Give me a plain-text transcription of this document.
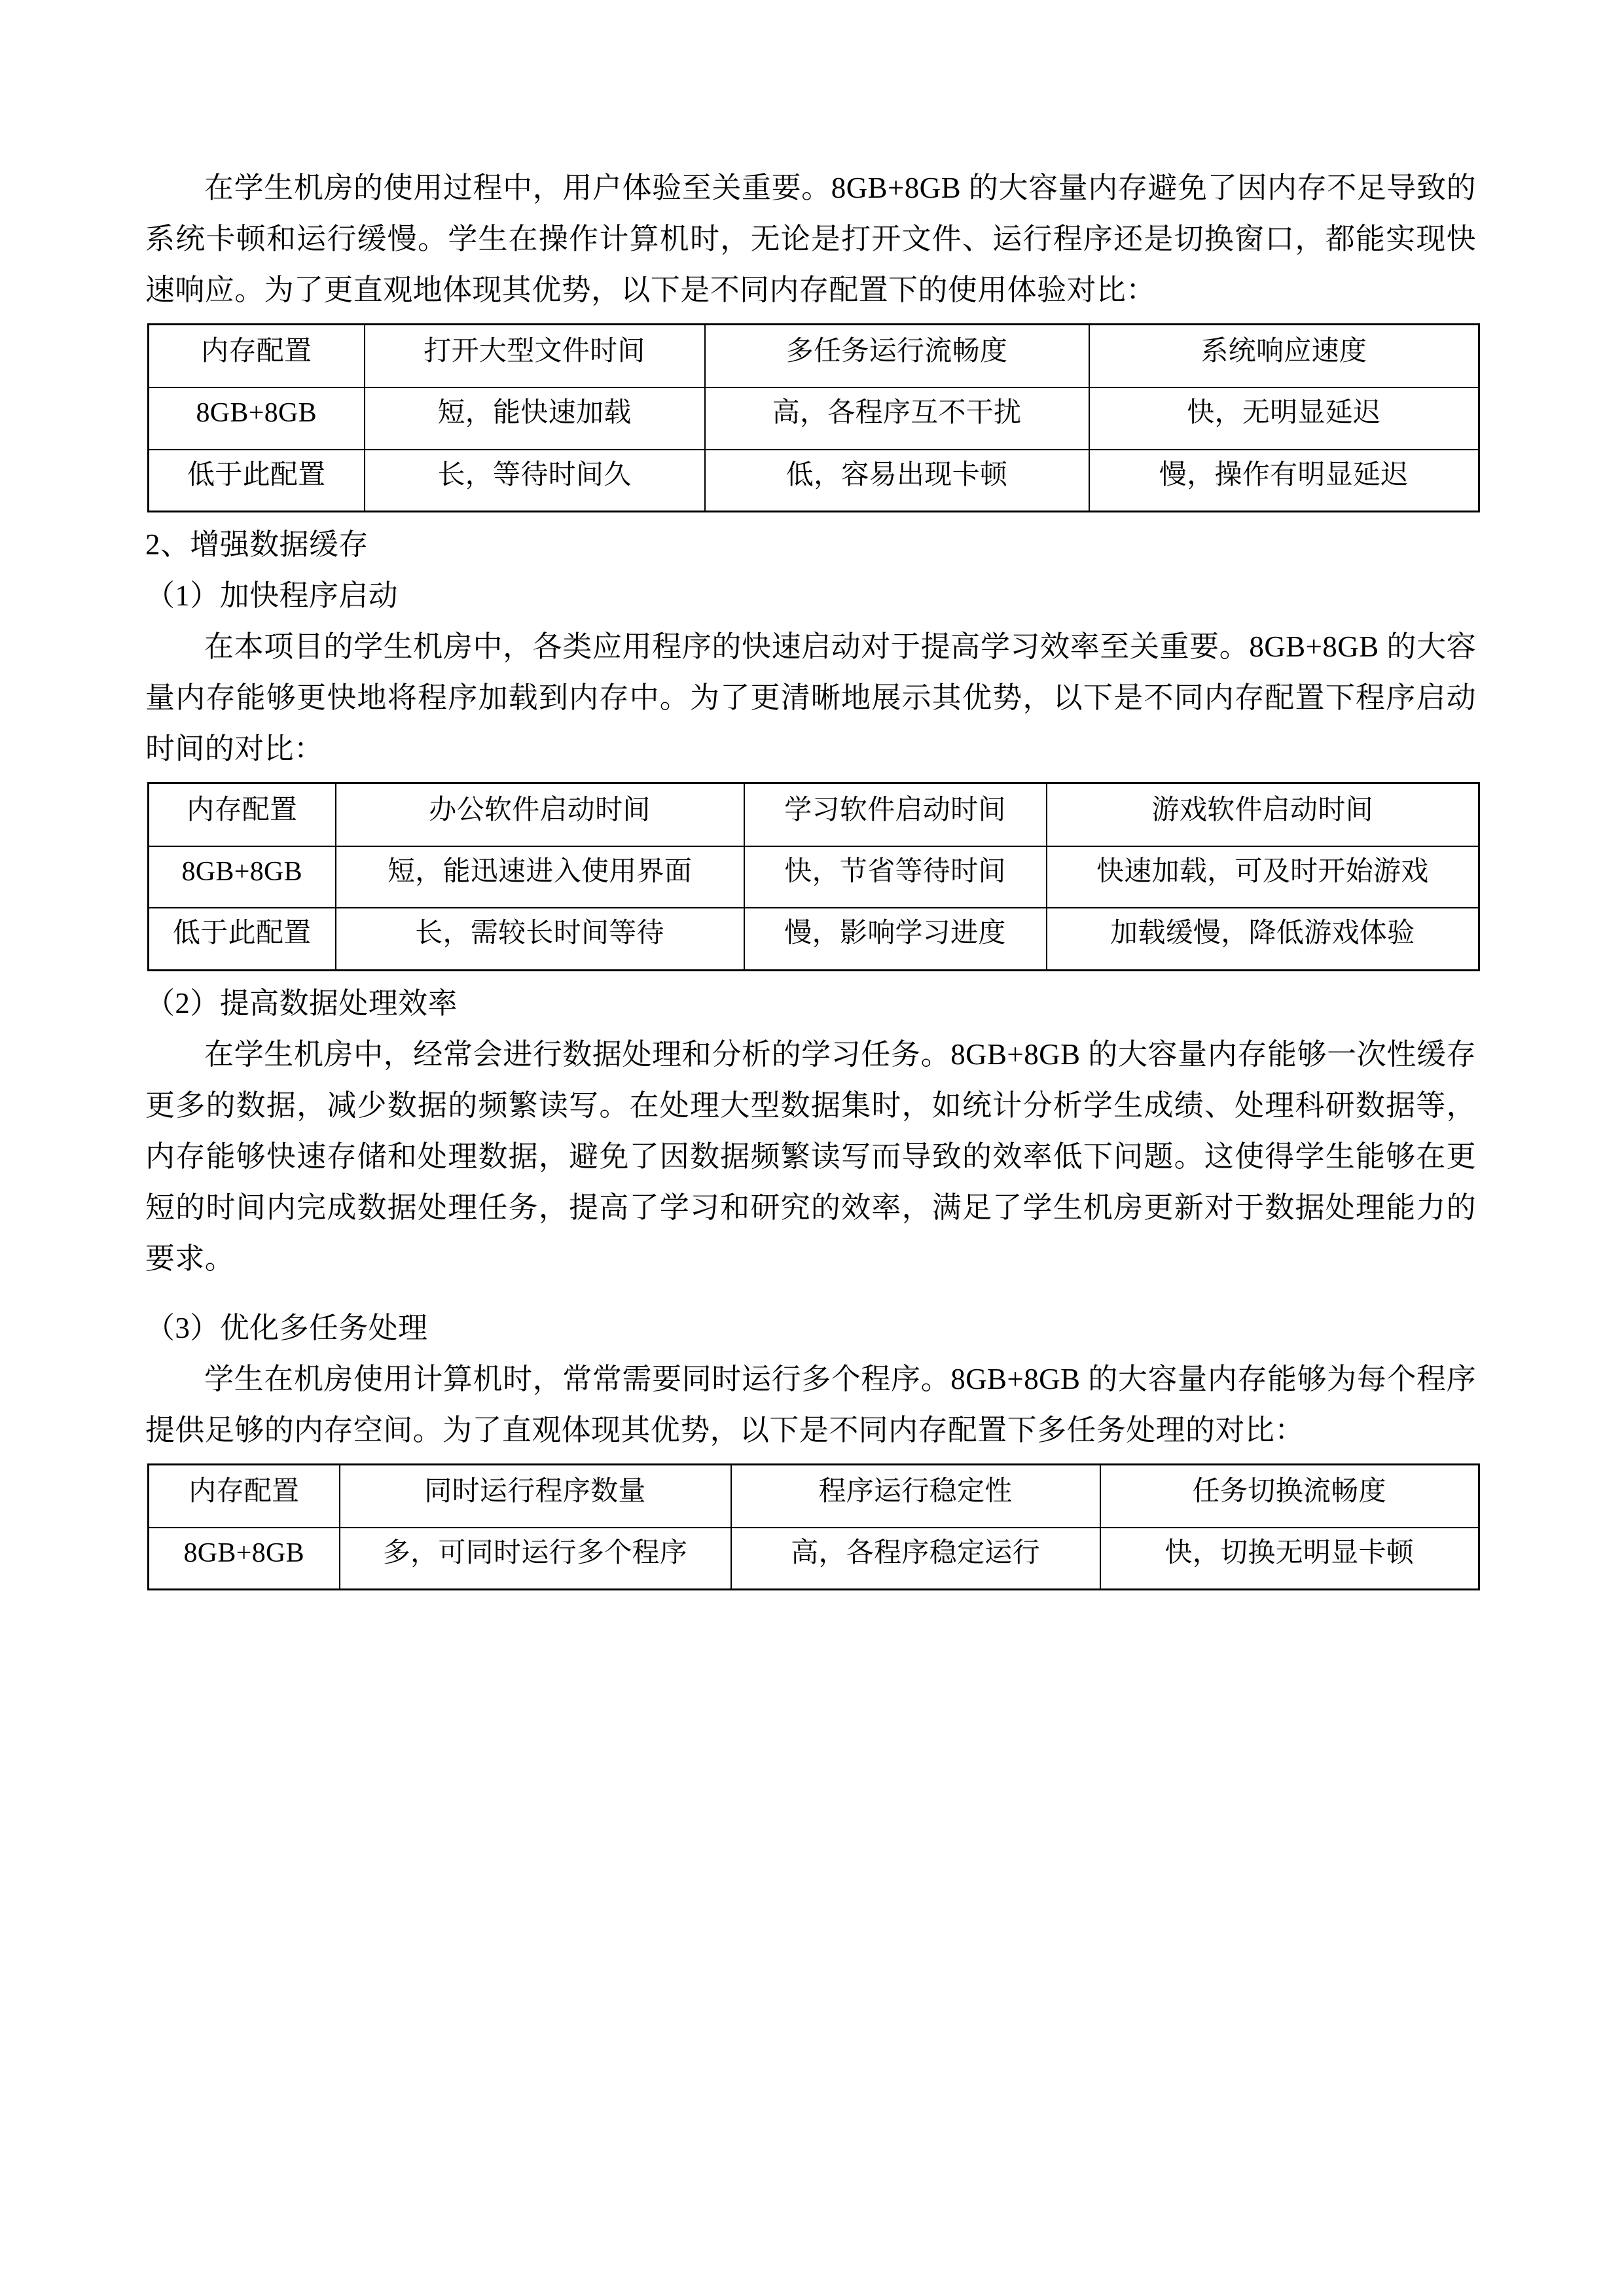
在学生机房的使用过程中，用户体验至关重要。8GB+8GB 的大容量内存避免了因内存不足导致的系统卡顿和运行缓慢。学生在操作计算机时，无论是打开文件、运行程序还是切换窗口，都能实现快速响应。为了更直观地体现其优势，以下是不同内存配置下的使用体验对比：

内存配置	打开大型文件时间	多任务运行流畅度	系统响应速度
8GB+8GB	短，能快速加载	高，各程序互不干扰	快，无明显延迟
低于此配置	长，等待时间久	低，容易出现卡顿	慢，操作有明显延迟

2、增强数据缓存

（1）加快程序启动

在本项目的学生机房中，各类应用程序的快速启动对于提高学习效率至关重要。8GB+8GB 的大容量内存能够更快地将程序加载到内存中。为了更清晰地展示其优势，以下是不同内存配置下程序启动时间的对比：

内存配置	办公软件启动时间	学习软件启动时间	游戏软件启动时间
8GB+8GB	短，能迅速进入使用界面	快，节省等待时间	快速加载，可及时开始游戏
低于此配置	长，需较长时间等待	慢，影响学习进度	加载缓慢，降低游戏体验

（2）提高数据处理效率

在学生机房中，经常会进行数据处理和分析的学习任务。8GB+8GB 的大容量内存能够一次性缓存更多的数据，减少数据的频繁读写。在处理大型数据集时，如统计分析学生成绩、处理科研数据等，内存能够快速存储和处理数据，避免了因数据频繁读写而导致的效率低下问题。这使得学生能够在更短的时间内完成数据处理任务，提高了学习和研究的效率，满足了学生机房更新对于数据处理能力的要求。

（3）优化多任务处理

学生在机房使用计算机时，常常需要同时运行多个程序。8GB+8GB 的大容量内存能够为每个程序提供足够的内存空间。为了直观体现其优势，以下是不同内存配置下多任务处理的对比：

内存配置	同时运行程序数量	程序运行稳定性	任务切换流畅度
8GB+8GB	多，可同时运行多个程序	高，各程序稳定运行	快，切换无明显卡顿
